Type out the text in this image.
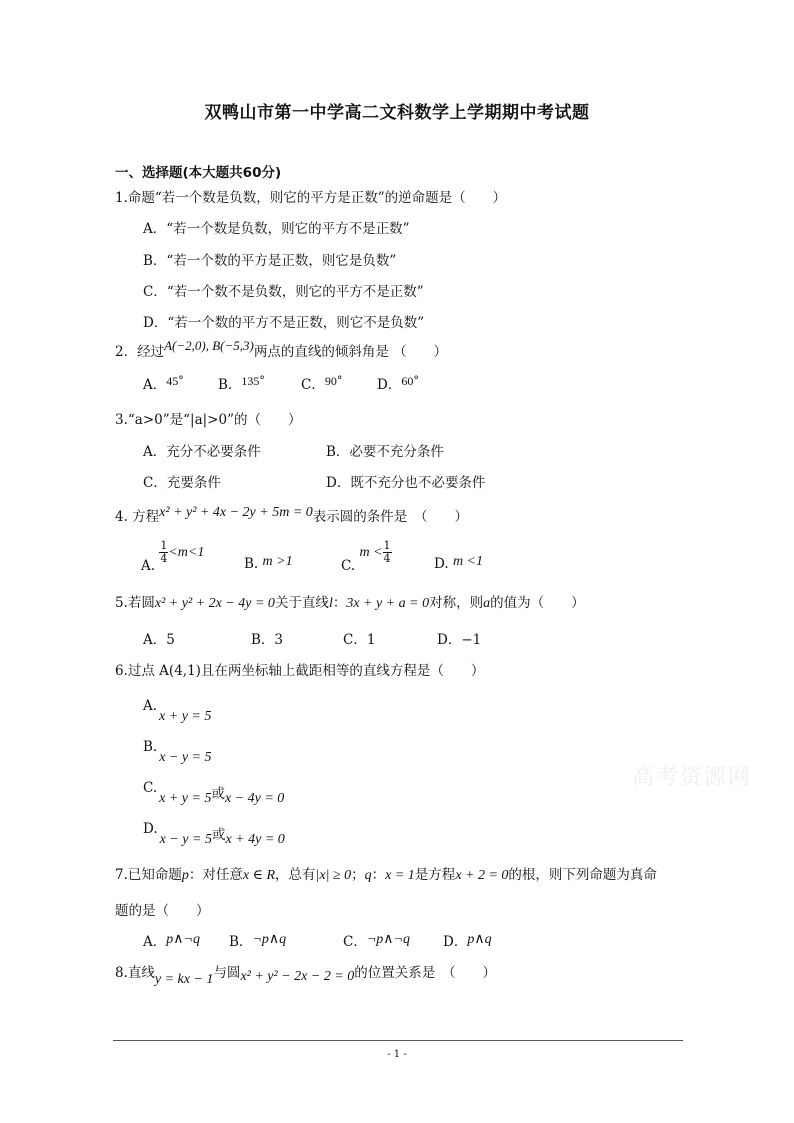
双鸭山市第一中学高二文科数学上学期期中考试题
一、选择题(本大题共60分)
1.命题“若一个数是负数，则它的平方是正数”的逆命题是（　　）
A．“若一个数是负数，则它的平方不是正数”
B．“若一个数的平方是正数，则它是负数”
C．“若一个数不是负数，则它的平方不是正数”
D．“若一个数的平方不是正数，则它不是负数”
2．经过A(−2,0), B(−5,3)两点的直线的倾斜角是 （　　）
A．45°	B．135°	C．90°	D．60°
3.“a>0”是“|a|>0”的（　　）
A．充分不必要条件	B．必要不充分条件
C．充要条件	D．既不充分也不必要条件
4. 方程x² + y² + 4x − 2y + 5m = 0表示圆的条件是　（　　）
A.
$\frac{1}{4} <m<1$
B. m >1	C. $m < \frac{1}{4}$	D. m <1
5.若圆x² + y² + 2x − 4y = 0关于直线l：3x + y + a = 0对称，则a的值为（　　）
A．5	B．3	C．1	D．−1
6.过点 A(4,1)且在两坐标轴上截距相等的直线方程是（　　）
A.x + y = 5
B.x − y = 5
C.x + y = 5或x − 4y = 0
D.x − y = 5或x + 4y = 0
7.已知命题p：对任意x ∈ R，总有|x| ≥ 0；q：x = 1是方程x + 2 = 0的根，则下列命题为真命
题的是（　　）
A．p∧¬q B．¬p∧q	C．¬p∧¬q D．p∧q
8.直线y = kx − 1与圆x² + y² − 2x − 2 = 0的位置关系是　（　　）
高考资源网
- 1 -
